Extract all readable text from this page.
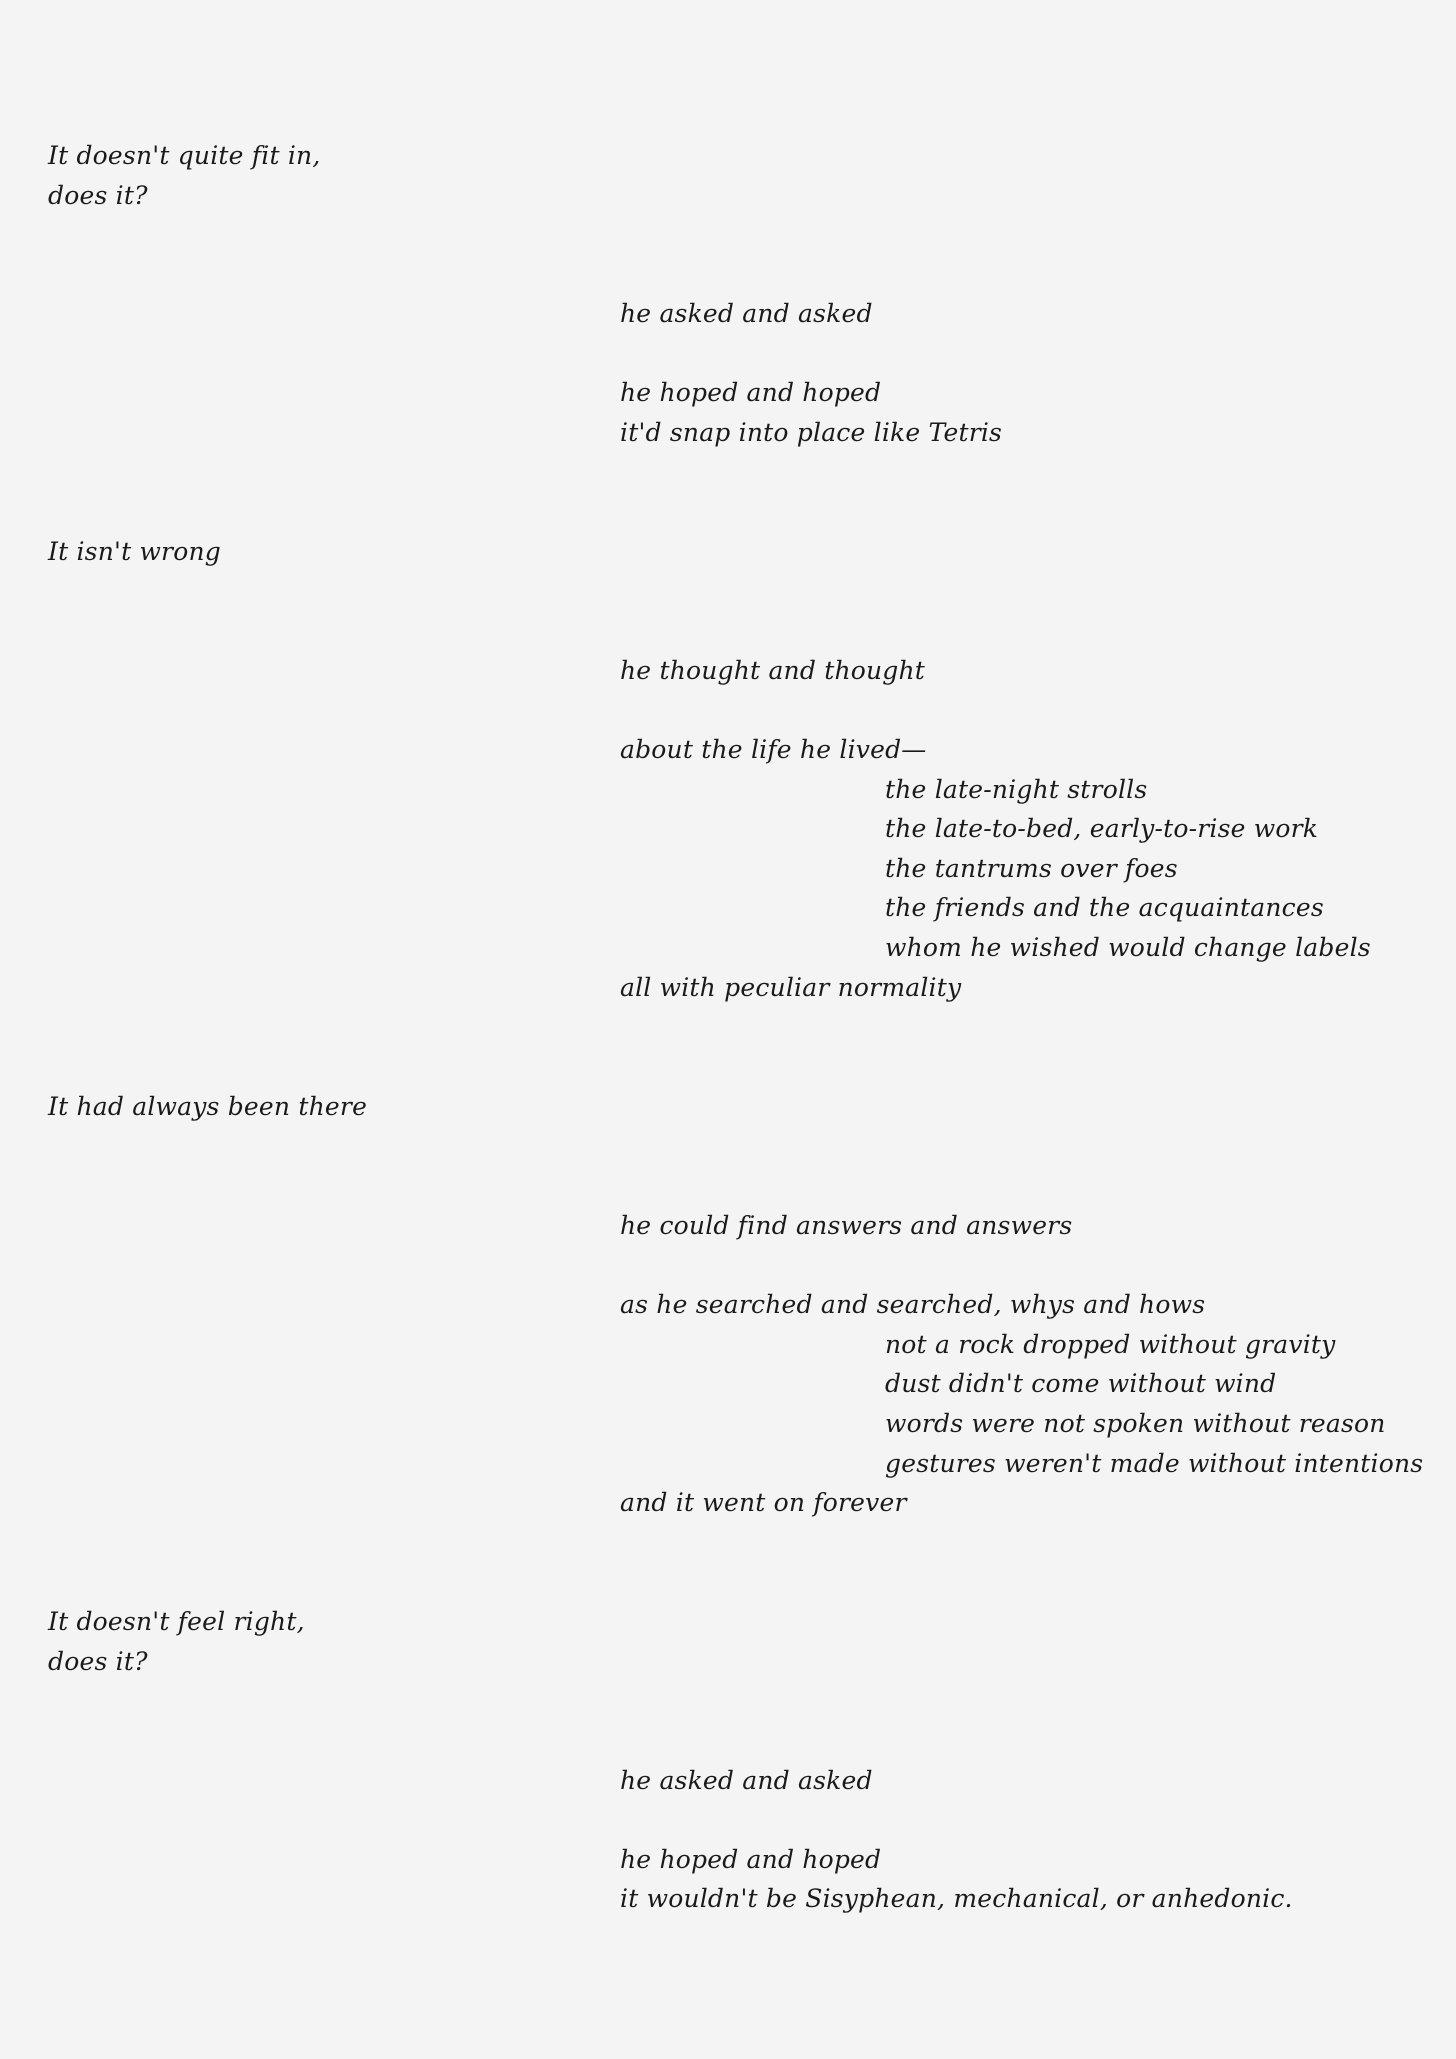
It doesn't quite fit in,
does it?
he asked and asked
he hoped and hoped
it'd snap into place like Tetris
It isn't wrong
he thought and thought
about the life he lived—
the late-night strolls
the late-to-bed, early-to-rise work
the tantrums over foes
the friends and the acquaintances
whom he wished would change labels
all with peculiar normality
It had always been there
he could find answers and answers
as he searched and searched, whys and hows
not a rock dropped without gravity
dust didn't come without wind
words were not spoken without reason
gestures weren't made without intentions
and it went on forever
It doesn't feel right,
does it?
he asked and asked
he hoped and hoped
it wouldn't be Sisyphean, mechanical, or anhedonic.
